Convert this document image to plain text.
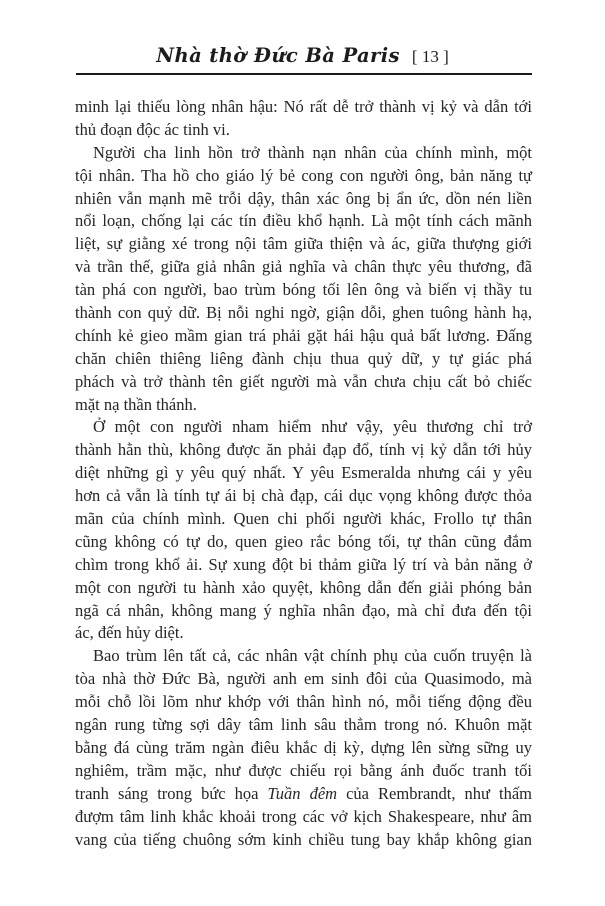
Nhà thờ Đức Bà Paris [ 13 ]
minh lại thiếu lòng nhân hậu: Nó rất dễ trở thành vị kỷ và dẫn tới
thủ đoạn độc ác tinh vi.
Người cha linh hồn trở thành nạn nhân của chính mình, một
tội nhân. Tha hồ cho giáo lý bẻ cong con người ông, bản năng tự
nhiên vẫn mạnh mẽ trỗi dậy, thân xác ông bị ẩn ức, dồn nén liền
nổi loạn, chống lại các tín điều khổ hạnh. Là một tính cách mãnh
liệt, sự giằng xé trong nội tâm giữa thiện và ác, giữa thượng giới
và trần thế, giữa giả nhân giả nghĩa và chân thực yêu thương, đã
tàn phá con người, bao trùm bóng tối lên ông và biến vị thầy tu
thành con quỷ dữ. Bị nỗi nghi ngờ, giận dỗi, ghen tuông hành hạ,
chính kẻ gieo mầm gian trá phải gặt hái hậu quả bất lương. Đấng
chăn chiên thiêng liêng đành chịu thua quỷ dữ, y tự giác phá
phách và trở thành tên giết người mà vẫn chưa chịu cất bỏ chiếc
mặt nạ thần thánh.
Ở một con người nham hiểm như vậy, yêu thương chỉ trở
thành hằn thù, không được ăn phải đạp đổ, tính vị kỷ dẫn tới hủy
diệt những gì y yêu quý nhất. Y yêu Esmeralda nhưng cái y yêu
hơn cả vẫn là tính tự ái bị chà đạp, cái dục vọng không được thỏa
mãn của chính mình. Quen chi phối người khác, Frollo tự thân
cũng không có tự do, quen gieo rắc bóng tối, tự thân cũng đắm
chìm trong khổ ải. Sự xung đột bi thảm giữa lý trí và bản năng ở
một con người tu hành xảo quyệt, không dẫn đến giải phóng bản
ngã cá nhân, không mang ý nghĩa nhân đạo, mà chỉ đưa đến tội
ác, đến hủy diệt.
Bao trùm lên tất cả, các nhân vật chính phụ của cuốn truyện là
tòa nhà thờ Đức Bà, người anh em sinh đôi của Quasimodo, mà
mỗi chỗ lồi lõm như khớp với thân hình nó, mỗi tiếng động đều
ngân rung từng sợi dây tâm linh sâu thẳm trong nó. Khuôn mặt
bằng đá cùng trăm ngàn điêu khắc dị kỳ, dựng lên sừng sững uy
nghiêm, trầm mặc, như được chiếu rọi bằng ánh đuốc tranh tối
tranh sáng trong bức họa Tuần đêm của Rembrandt, như thấm
đượm tâm linh khắc khoải trong các vở kịch Shakespeare, như âm
vang của tiếng chuông sớm kinh chiều tung bay khắp không gian
